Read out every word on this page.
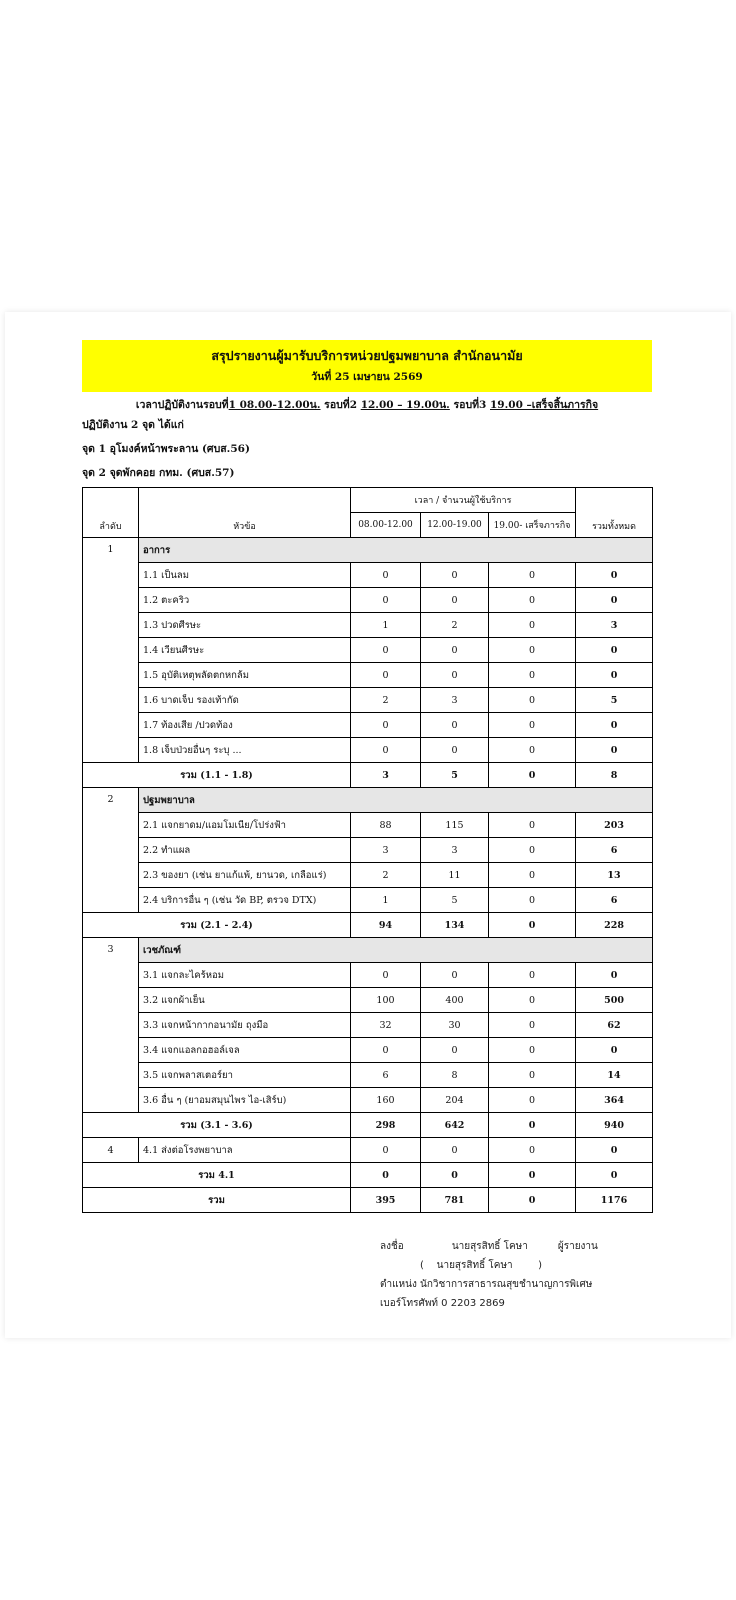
สรุปรายงานผู้มารับบริการหน่วยปฐมพยาบาล สำนักอนามัย
วันที่ 25 เมษายน 2569
เวลาปฏิบัติงานรอบที่1 08.00-12.00น. รอบที่2 12.00 – 19.00น. รอบที่3 19.00 –เสร็จสิ้นภารกิจ
ปฏิบัติงาน 2 จุด ได้แก่
จุด 1 อุโมงค์หน้าพระลาน (ศบส.56)
จุด 2 จุดพักคอย กทม. (ศบส.57)
ลำดับ	หัวข้อ	เวลา / จำนวนผู้ใช้บริการ			รวมทั้งหมด
		08.00-12.00	12.00-19.00	19.00- เสร็จภารกิจ	
1	อาการ				
	1.1 เป็นลม	0	0	0	0
	1.2 ตะคริว	0	0	0	0
	1.3 ปวดศีรษะ	1	2	0	3
	1.4 เวียนศีรษะ	0	0	0	0
	1.5 อุบัติเหตุพลัดตกหกล้ม	0	0	0	0
	1.6 บาดเจ็บ รองเท้ากัด	2	3	0	5
	1.7 ท้องเสีย /ปวดท้อง	0	0	0	0
	1.8 เจ็บป่วยอื่นๆ ระบุ ...	0	0	0	0
รวม (1.1 - 1.8)		3	5	0	8
2	ปฐมพยาบาล				
	2.1 แจกยาดม/แอมโมเนีย/โปร่งฟ้า	88	115	0	203
	2.2 ทำแผล	3	3	0	6
	2.3 ของยา (เช่น ยาแก้แพ้, ยานวด, เกลือแร่)	2	11	0	13
	2.4 บริการอื่น ๆ (เช่น วัด BP, ตรวจ DTX)	1	5	0	6
รวม (2.1 - 2.4)		94	134	0	228
3	เวชภัณฑ์				
	3.1 แจกละไคร้หอม	0	0	0	0
	3.2 แจกผ้าเย็น	100	400	0	500
	3.3 แจกหน้ากากอนามัย ถุงมือ	32	30	0	62
	3.4 แจกแอลกอฮอล์เจล	0	0	0	0
	3.5 แจกพลาสเตอร์ยา	6	8	0	14
	3.6 อื่น ๆ (ยาอมสมุนไพร ไอ-เสิร์บ)	160	204	0	364
รวม (3.1 - 3.6)		298	642	0	940
4	4.1 ส่งต่อโรงพยาบาล	0	0	0	0
รวม 4.1		0	0	0	0
รวม		395	781	0	1176
ลงชื่อ	นายสุรสิทธิ์ โคษา	ผู้รายงาน
( นายสุรสิทธิ์ โคษา	)
ตำแหน่ง นักวิชาการสาธารณสุขชำนาญการพิเศษ
เบอร์โทรศัพท์ 0 2203 2869
